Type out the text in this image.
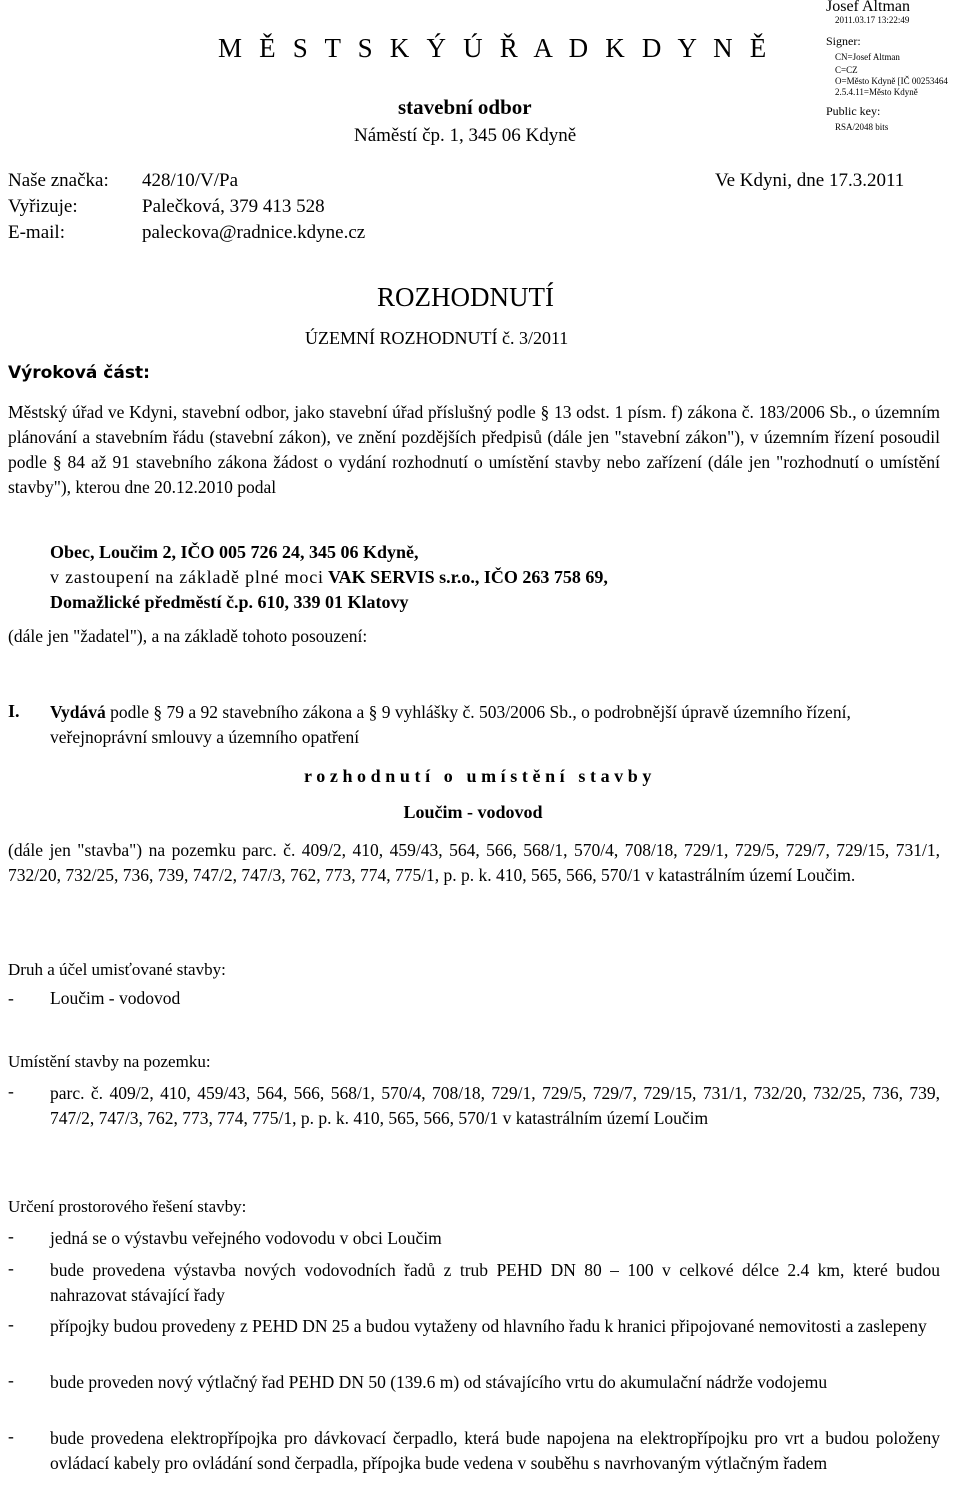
Josef Altman
2011.03.17 13:22:49
Signer:
CN=Josef Altman
C=CZ
O=Město Kdyně [IČ 00253464
2.5.4.11=Město Kdyně
Public key:
RSA/2048 bits
M Ě S T S K Ý Ú Ř A D K D Y N Ě
stavební odbor
Náměstí čp. 1, 345 06 Kdyně
Naše značka: 428/10/V/Pa
Vyřizuje:	Palečková, 379 413 528
E-mail:	paleckova@radnice.kdyne.cz
Ve Kdyni, dne 17.3.2011
ROZHODNUTÍ
ÚZEMNÍ ROZHODNUTÍ č. 3/2011
Výroková část:
Městský úřad ve Kdyni, stavební odbor, jako stavební úřad příslušný podle § 13 odst. 1 písm. f) zákona č. 183/2006 Sb., o územním plánování a stavebním řádu (stavební zákon), ve znění pozdějších předpisů (dále jen "stavební zákon"), v územním řízení posoudil podle § 84 až 91 stavebního zákona žádost o vydání rozhodnutí o umístění stavby nebo zařízení (dále jen "rozhodnutí o umístění stavby"), kterou dne 20.12.2010 podal
Obec, Loučim 2, IČO 005 726 24, 345 06 Kdyně,
v zastoupení na základě plné moci VAK SERVIS s.r.o., IČO 263 758 69,
Domažlické předměstí č.p. 610, 339 01 Klatovy
(dále jen "žadatel"), a na základě tohoto posouzení:
I. Vydává podle § 79 a 92 stavebního zákona a § 9 vyhlášky č. 503/2006 Sb., o podrobnější úpravě územního řízení, veřejnoprávní smlouvy a územního opatření
rozhodnutí o umístění stavby
Loučim - vodovod
(dále jen "stavba") na pozemku parc. č. 409/2, 410, 459/43, 564, 566, 568/1, 570/4, 708/18, 729/1, 729/5, 729/7, 729/15, 731/1, 732/20, 732/25, 736, 739, 747/2, 747/3, 762, 773, 774, 775/1, p. p. k. 410, 565, 566, 570/1 v katastrálním území Loučim.
Druh a účel umisťované stavby:
- Loučim - vodovod
Umístění stavby na pozemku:
- parc. č. 409/2, 410, 459/43, 564, 566, 568/1, 570/4, 708/18, 729/1, 729/5, 729/7, 729/15, 731/1, 732/20, 732/25, 736, 739, 747/2, 747/3, 762, 773, 774, 775/1, p. p. k. 410, 565, 566, 570/1 v katastrálním území Loučim
Určení prostorového řešení stavby:
- jedná se o výstavbu veřejného vodovodu v obci Loučim
- bude provedena výstavba nových vodovodních řadů z trub PEHD DN 80 – 100 v celkové délce 2.4 km, které budou nahrazovat stávající řady
- přípojky budou provedeny z PEHD DN 25 a budou vytaženy od hlavního řadu k hranici připojované nemovitosti a zaslepeny
- bude proveden nový výtlačný řad PEHD DN 50 (139.6 m) od stávajícího vrtu do akumulační nádrže vodojemu
- bude provedena elektropřípojka pro dávkovací čerpadlo, která bude napojena na elektropřípojku pro vrt a budou položeny ovládací kabely pro ovládání sond čerpadla, přípojka bude vedena v souběhu s navrhovaným výtlačným řadem
